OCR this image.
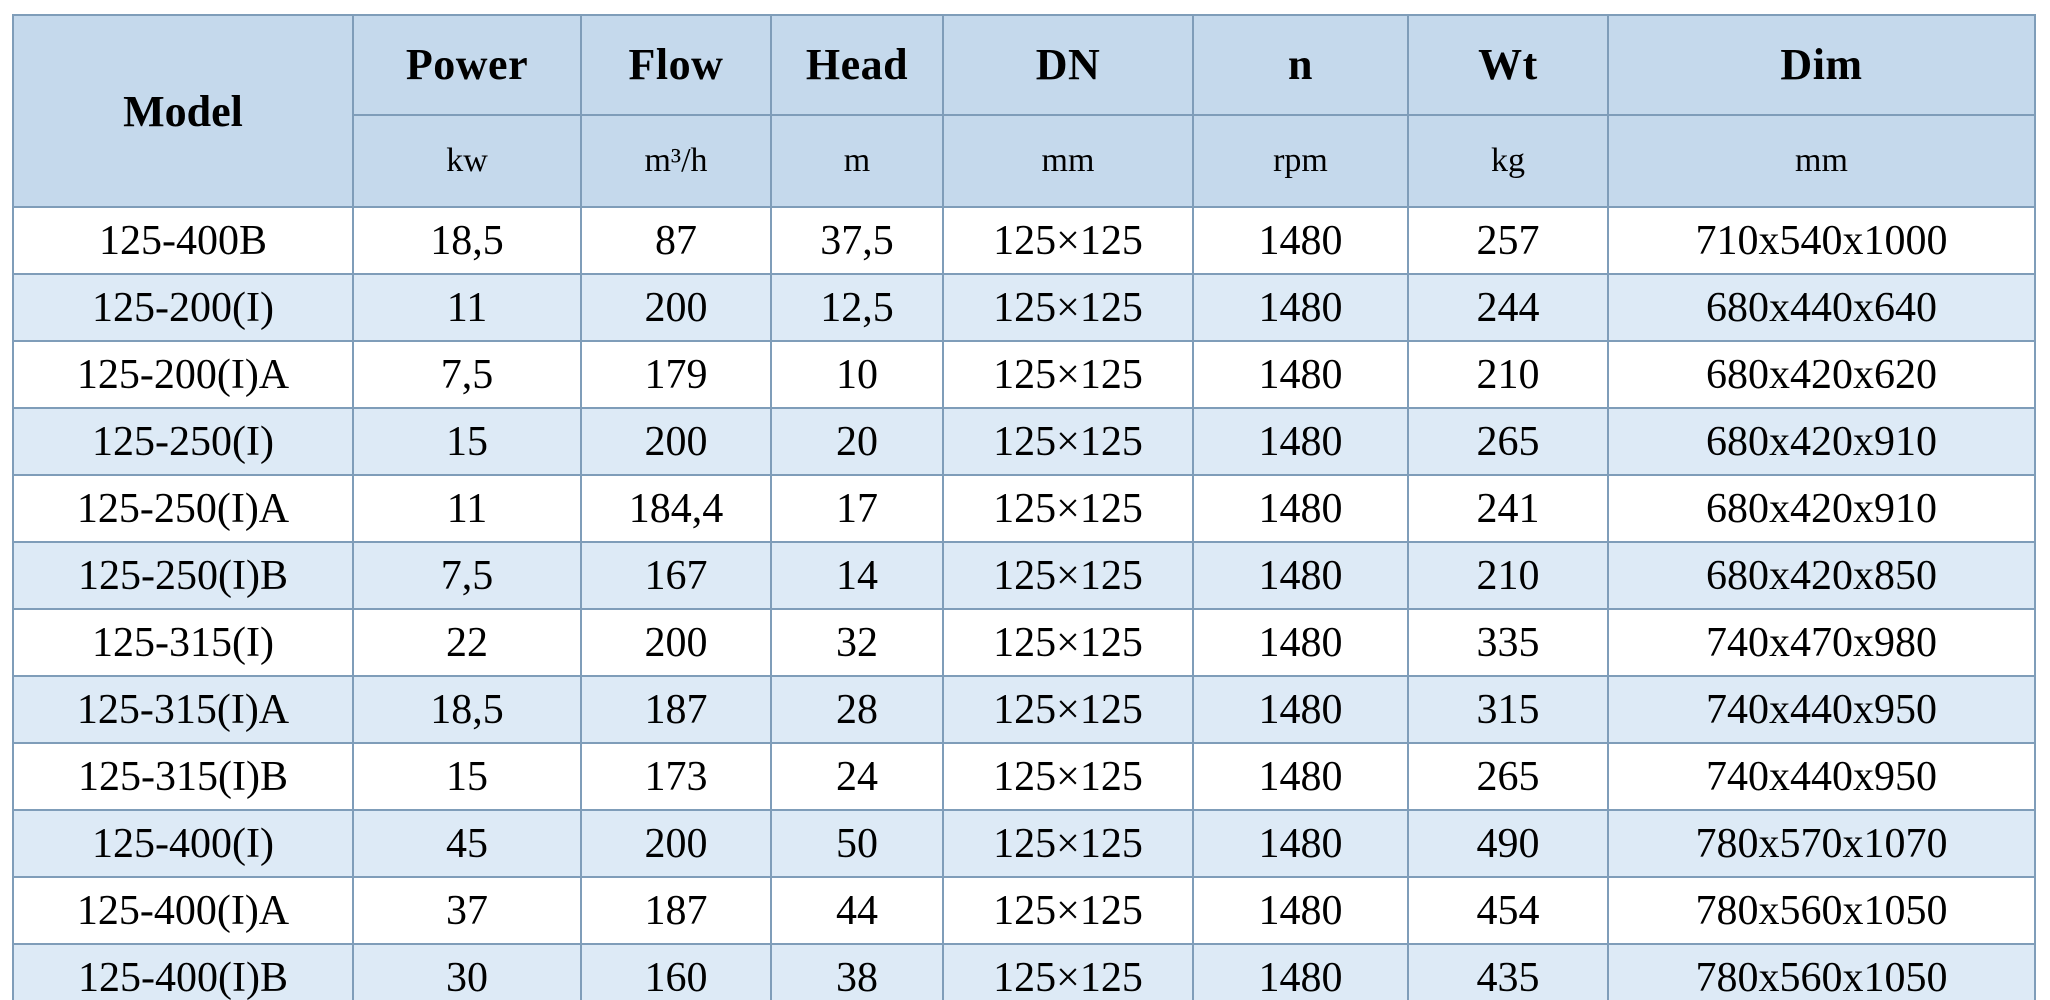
Model	Power	Flow	Head	DN	n	Wt	Dim
	kw	m³/h	m	mm	rpm	kg	mm
125-400B	18,5	87	37,5	125×125	1480	257	710x540x1000
125-200(I)	11	200	12,5	125×125	1480	244	680x440x640
125-200(I)A	7,5	179	10	125×125	1480	210	680x420x620
125-250(I)	15	200	20	125×125	1480	265	680x420x910
125-250(I)A	11	184,4	17	125×125	1480	241	680x420x910
125-250(I)B	7,5	167	14	125×125	1480	210	680x420x850
125-315(I)	22	200	32	125×125	1480	335	740x470x980
125-315(I)A	18,5	187	28	125×125	1480	315	740x440x950
125-315(I)B	15	173	24	125×125	1480	265	740x440x950
125-400(I)	45	200	50	125×125	1480	490	780x570x1070
125-400(I)A	37	187	44	125×125	1480	454	780x560x1050
125-400(I)B	30	160	38	125×125	1480	435	780x560x1050
